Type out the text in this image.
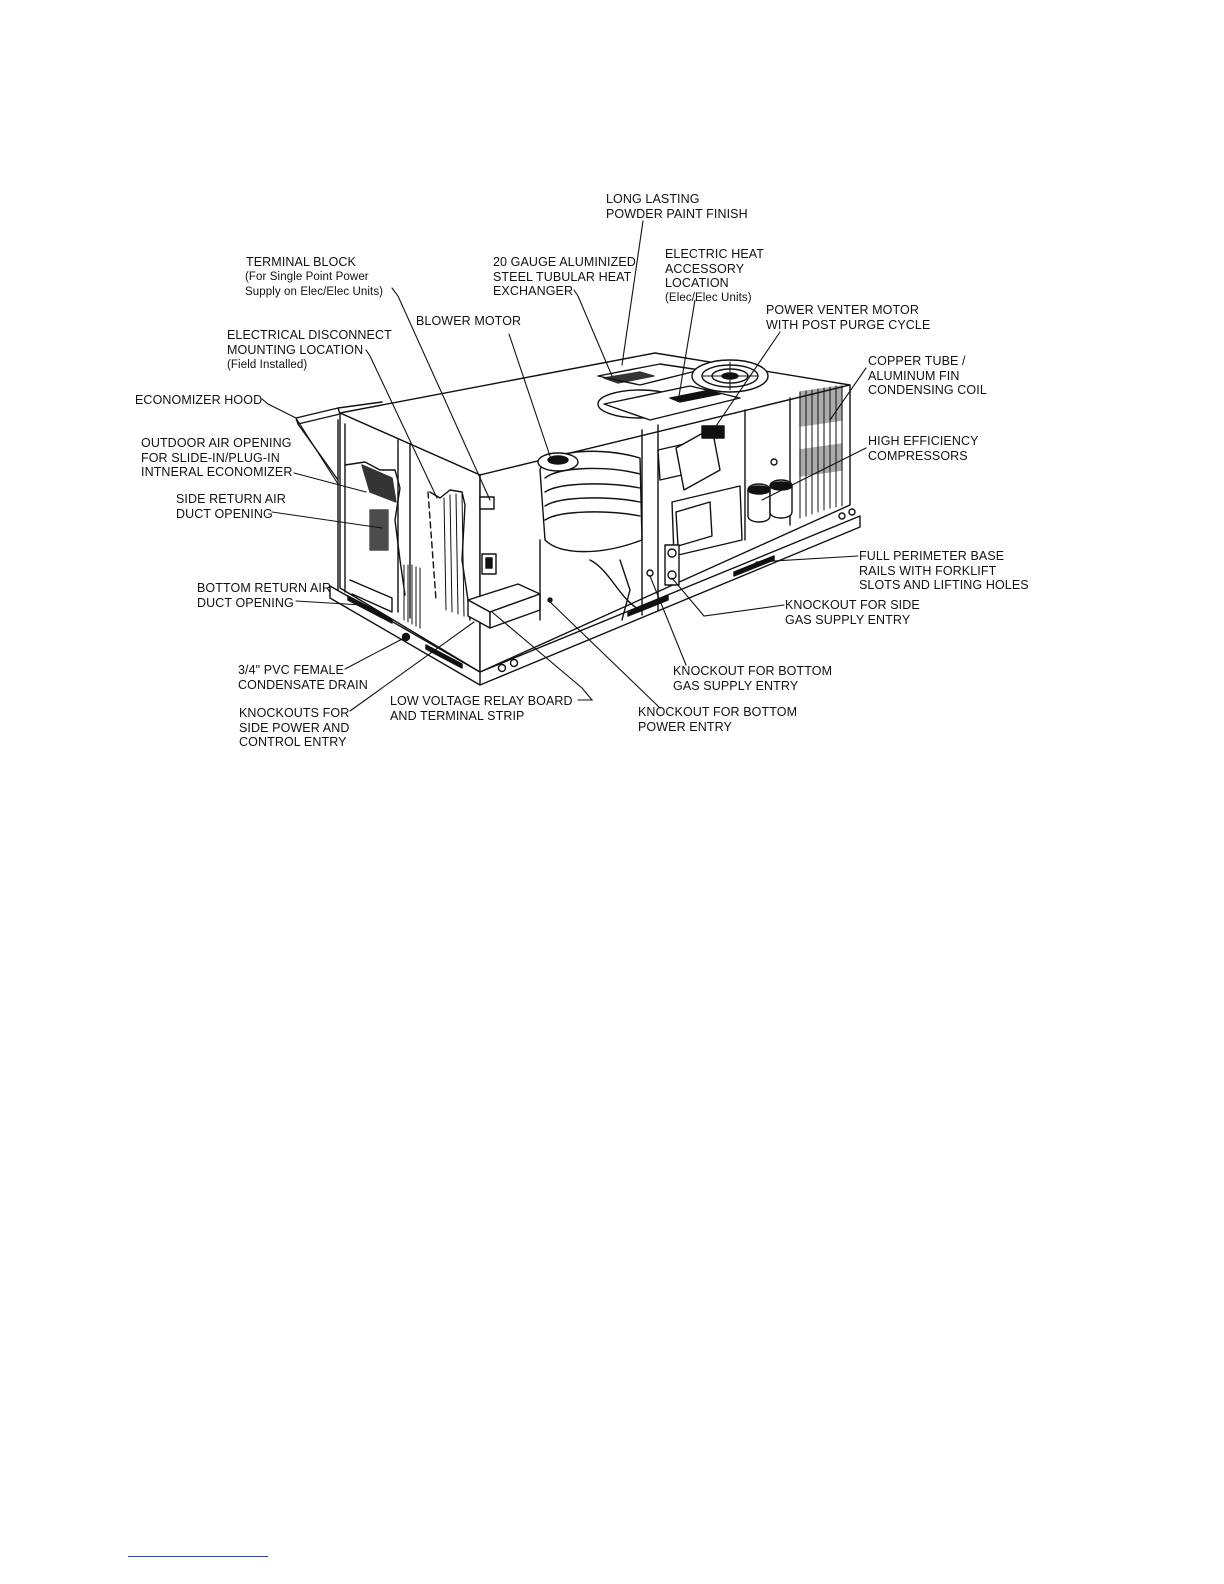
LONG LASTING
POWDER PAINT FINISH
TERMINAL BLOCK
(For Single Point Power
Supply on Elec/Elec Units)
20 GAUGE ALUMINIZED
STEEL TUBULAR HEAT
EXCHANGER
ELECTRIC HEAT
ACCESSORY
LOCATION
(Elec/Elec Units)
POWER VENTER MOTOR
WITH POST PURGE CYCLE
ELECTRICAL DISCONNECT
MOUNTING LOCATION
(Field Installed)
BLOWER MOTOR
COPPER TUBE /
ALUMINUM FIN
CONDENSING COIL
ECONOMIZER HOOD
OUTDOOR AIR OPENING
FOR SLIDE-IN/PLUG-IN
INTNERAL ECONOMIZER
HIGH EFFICIENCY
COMPRESSORS
SIDE RETURN AIR
DUCT OPENING
FULL PERIMETER BASE
RAILS WITH FORKLIFT
SLOTS AND LIFTING HOLES
BOTTOM RETURN AIR
DUCT OPENING	KNOCKOUT FOR SIDE
GAS SUPPLY ENTRY
3/4" PVC FEMALE
CONDENSATE DRAIN
KNOCKOUT FOR BOTTOM
GAS SUPPLY ENTRY
LOW VOLTAGE RELAY BOARD
AND TERMINAL STRIP
KNOCKOUTS FOR
SIDE POWER AND
CONTROL ENTRY
KNOCKOUT FOR BOTTOM
POWER ENTRY
